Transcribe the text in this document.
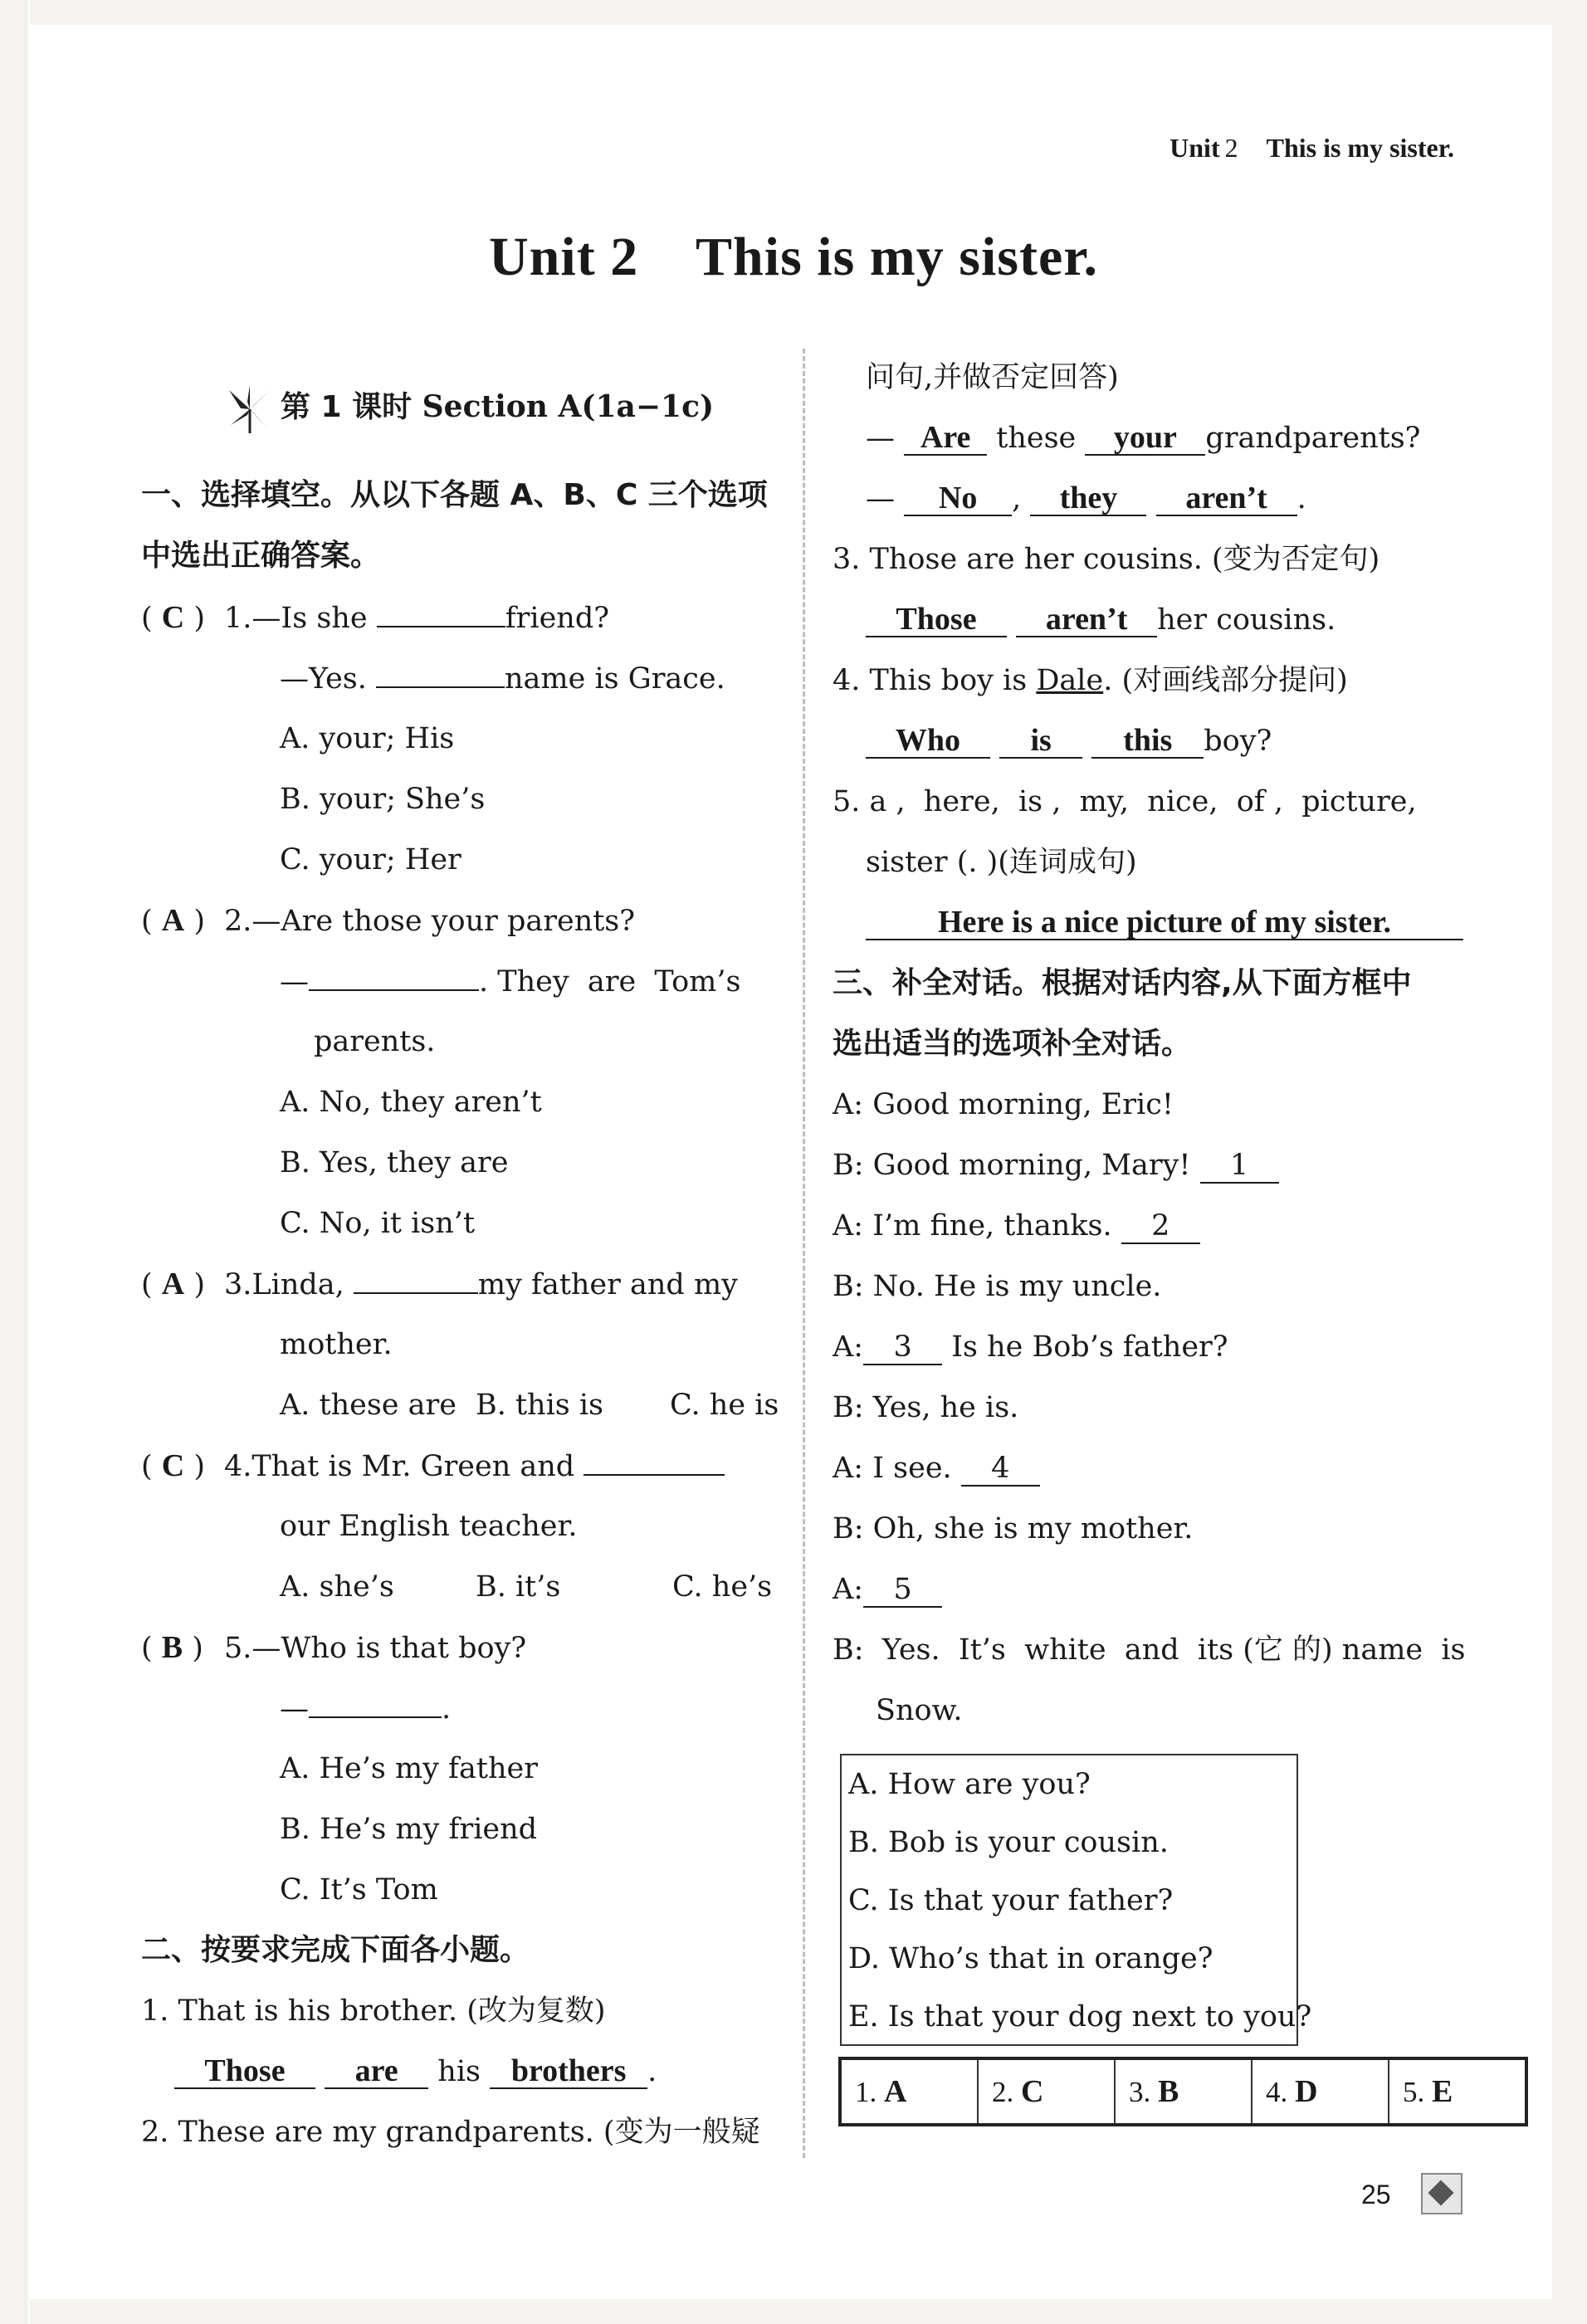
Unit 2 This is my sister.
Unit 2    This is my sister.
第 1 课时 Section A(1a−1c)
一、选择填空。从以下各题 A、B、C 三个选项
中选出正确答案。
( C ) 1.—Is she	friend?
—Yes.	name is Grace.
A. your; His
B. your; She’s
C. your; Her
( A ) 2.—Are those your parents?
—	. They  are  Tom’s
parents.
A. No, they aren’t
B. Yes, they are
C. No, it isn’t
( A ) 3.Linda,	my father and my
mother.
A. these are B. this is C. he is
( C ) 4.That is Mr. Green and
our English teacher.
A. she’s	B. it’s	C. he’s
( B ) 5.—Who is that boy?
—	.
A. He’s my father
B. He’s my friend
C. It’s Tom
二、按要求完成下面各小题。
1. That is his brother. (改为复数)
Those are his brothers .
2. These are my grandparents. (变为一般疑
问句,并做否定回答)
— Are these your grandparents?
— No , they aren’t .
3. Those are her cousins. (变为否定句)
Those aren’t her cousins.
4. This boy is Dale. (对画线部分提问)
Who is this boy?
5. a ,  here,  is ,  my,  nice,  of ,  picture,
sister (. )(连词成句)
Here is a nice picture of my sister.
三、补全对话。根据对话内容,从下面方框中
选出适当的选项补全对话。
A: Good morning, Eric!
B: Good morning, Mary! 1
A: I’m fine, thanks. 2
B: No. He is my uncle.
A: 3 Is he Bob’s father?
B: Yes, he is.
A: I see. 4
B: Oh, she is my mother.
A: 5
B:  Yes.  It’s  white  and  its (它 的) name  is
Snow.
A. How are you?
B. Bob is your cousin.
C. Is that your father?
D. Who’s that in orange?
E. Is that your dog next to you?
1. A	2. C	3. B	4. D	5. E
25
